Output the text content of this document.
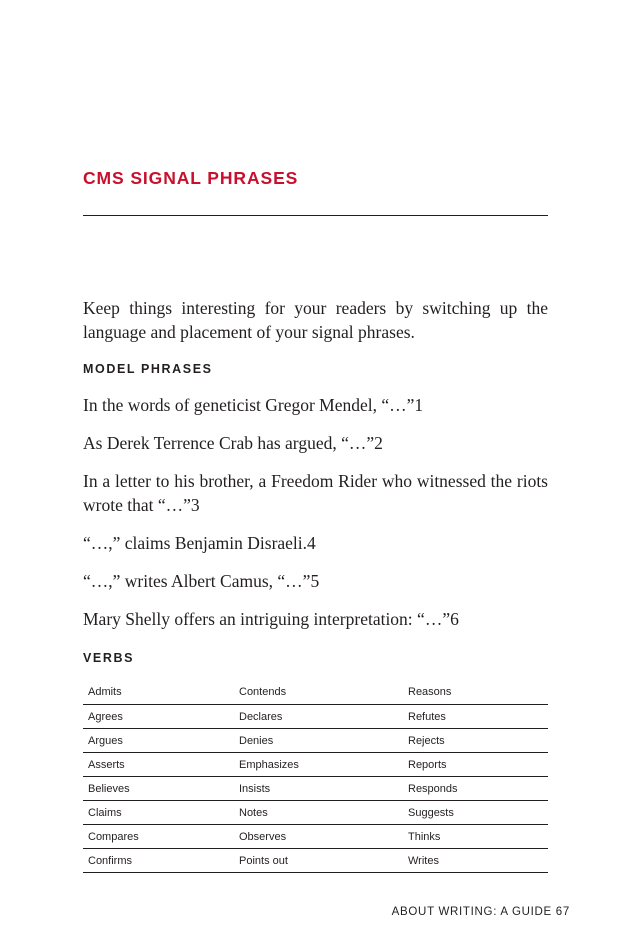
CMS SIGNAL PHRASES

Keep things interesting for your readers by switching up the language and placement of your signal phrases.

MODEL PHRASES
In the words of geneticist Gregor Mendel, “…”1
As Derek Terrence Crab has argued, “…”2
In a letter to his brother, a Freedom Rider who witnessed the riots wrote that “…”3
“…,” claims Benjamin Disraeli.4
“…,” writes Albert Camus, “…”5
Mary Shelly offers an intriguing interpretation: “…”6
VERBS
Admits	Contends	Reasons
Agrees	Declares	Refutes
Argues	Denies	Rejects
Asserts	Emphasizes	Reports
Believes	Insists	Responds
Claims	Notes	Suggests
Compares	Observes	Thinks
Confirms	Points out	Writes

ABOUT WRITING: A GUIDE 67
